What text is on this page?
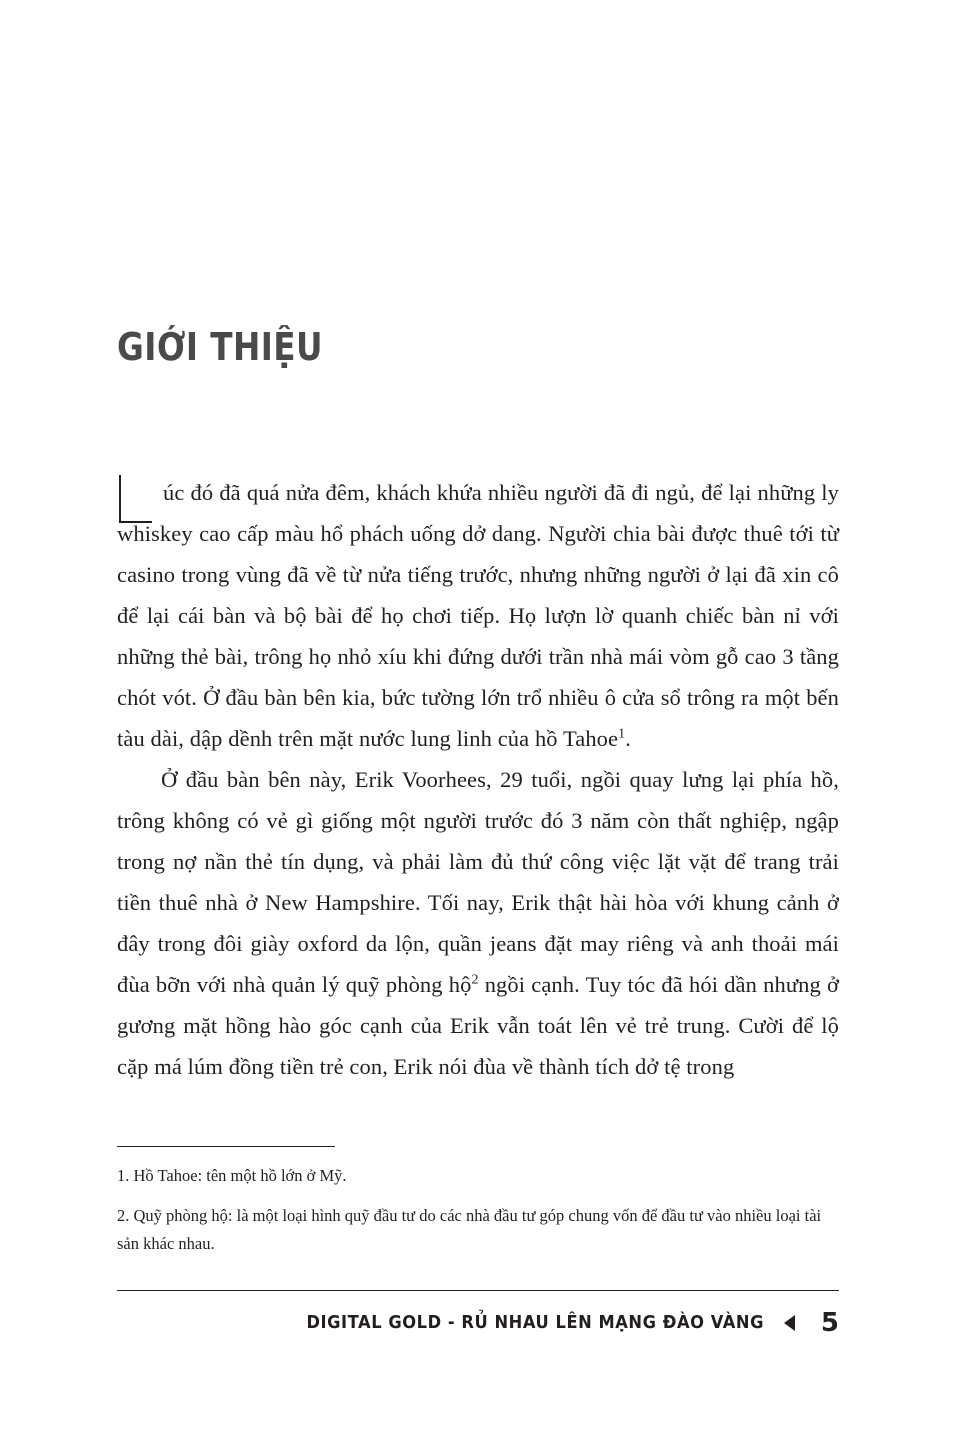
GIỚI THIỆU

úc đó đã quá nửa đêm, khách khứa nhiều người đã đi ngủ, để lại những ly whiskey cao cấp màu hổ phách uống dở dang. Người chia bài được thuê tới từ casino trong vùng đã về từ nửa tiếng trước, nhưng những người ở lại đã xin cô để lại cái bàn và bộ bài để họ chơi tiếp. Họ lượn lờ quanh chiếc bàn nỉ với những thẻ bài, trông họ nhỏ xíu khi đứng dưới trần nhà mái vòm gỗ cao 3 tầng chót vót. Ở đầu bàn bên kia, bức tường lớn trổ nhiều ô cửa sổ trông ra một bến tàu dài, dập dềnh trên mặt nước lung linh của hồ Tahoe$^1$.

Ở đầu bàn bên này, Erik Voorhees, 29 tuổi, ngồi quay lưng lại phía hồ, trông không có vẻ gì giống một người trước đó 3 năm còn thất nghiệp, ngập trong nợ nần thẻ tín dụng, và phải làm đủ thứ công việc lặt vặt để trang trải tiền thuê nhà ở New Hampshire. Tối nay, Erik thật hài hòa với khung cảnh ở đây trong đôi giày oxford da lộn, quần jeans đặt may riêng và anh thoải mái đùa bỡn với nhà quản lý quỹ phòng hộ$^2$ ngồi cạnh. Tuy tóc đã hói dần nhưng ở gương mặt hồng hào góc cạnh của Erik vẫn toát lên vẻ trẻ trung. Cười để lộ cặp má lúm đồng tiền trẻ con, Erik nói đùa về thành tích dở tệ trong

1. Hồ Tahoe: tên một hồ lớn ở Mỹ.

2. Quỹ phòng hộ: là một loại hình quỹ đầu tư do các nhà đầu tư góp chung vốn để đầu tư vào nhiều loại tài sản khác nhau.

DIGITAL GOLD - RỦ NHAU LÊN MẠNG ĐÀO VÀNG 5
